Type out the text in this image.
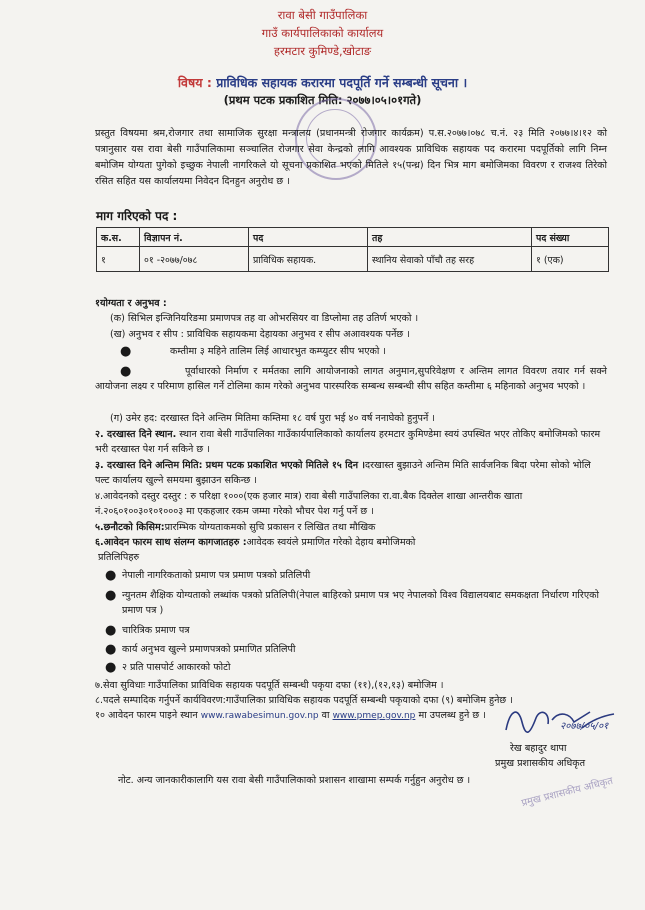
रावा बेसी गाउँपालिका
गाउँ कार्यपालिकाको कार्यालय
हरमटार कुमिण्डे,खोटाङ
विषय : प्राविधिक सहायक करारमा पदपूर्ति गर्ने सम्बन्धी सूचना ।
(प्रथम पटक प्रकाशित मिति: २०७७।०५।०१गते)
प्रस्तुत विषयमा श्रम,रोजगार तथा सामाजिक सुरक्षा मन्त्रालय (प्रधानमन्त्री रोजगार कार्यक्रम) प.स.२०७७।०७८ च.नं. २३ मिति २०७७।४।१२ को पत्रानुसार यस रावा बेसी गाउँपालिकामा सञ्चालित रोजगार सेवा केन्द्रको लागि आवश्यक प्राविधिक सहायक पद करारमा पदपूर्तिको लागि निम्न बमोजिम योग्यता पुगेको इच्छुक नेपाली नागरिकले यो सूचना प्रकाशित भएको मितिले १५(पन्ध्र) दिन भित्र माग बमोजिमका विवरण र राजश्व तिरेको रसित सहित यस कार्यालयमा निवेदन दिनहुन अनुरोध छ ।
माग गरिएको पद :
क.स.	विज्ञापन नं.	पद	तह	पद संख्या
१	०१ -२०७७/०७८	प्राविधिक सहायक.	स्थानिय सेवाको पाँचौ तह सरह	१ (एक)
१योग्यता र अनुभव :
(क) सिभिल इन्जिनियरिङमा प्रमाणपत्र तह वा ओभरसियर वा डिप्लोमा तह उतिर्ण भएको ।
(ख) अनुभव र सीप : प्राविधिक सहायकमा देहायका अनुभव र सीप अआवश्यक पर्नेछ ।
●	कम्तीमा ३ महिने तालिम लिई आधारभुत कम्प्युटर सीप भएको ।
●	पूर्वाधारको निर्माण र मर्मतका लागि आयोजनाको लागत अनुमान,सुपरिवेक्षण र अन्तिम लागत विवरण तयार गर्न सक्ने आयोजना लक्ष्य र परिमाण हासिल गर्ने टोलिमा काम गरेको अनुभव पारस्परिक सम्बन्ध सम्बन्धी सीप सहित कम्तीमा ६ महिनाको अनुभव भएको ।
(ग) उमेर हद: दरखास्त दिने अन्तिम मितिमा कम्तिमा १८ वर्ष पुरा भई ४० वर्ष ननाघेको हुनुपर्ने ।
२. दरखास्त दिने स्थान. स्थान रावा बेसी गाउँपालिका गाउँकार्यपालिकाको कार्यालय हरमटार कुमिण्डेमा स्वयं उपस्थित भएर तोकिए बमोजिमको फारम भरी दरखास्त पेश गर्न सकिने छ ।
३. दरखास्त दिने अन्तिम मिति: प्रथम पटक प्रकाशित भएको मितिले १५ दिन ।दरखास्त बुझाउने अन्तिम मिति सार्वजनिक बिदा परेमा सोको भोलि पल्ट कार्यालय खुल्ने समयमा बुझाउन सकिन्छ ।
४.आवेदनको दस्तुर दस्तुर : रु परिक्षा १०००(एक हजार मात्र) रावा बेसी गाउँपालिका रा.वा.बैक दिक्तेल शाखा आन्तरीक खाता नं.२०६०१००३०१०१०००३ मा एकहजार रकम जम्मा गरेको भौचर पेश गर्नु पर्ने छ ।
५.छनौटको किसिम:प्रारम्भिक योग्यताकमको सुचि प्रकासन र लिखित तथा मौखिक
६.आवेदन फारम साथ संलग्न कागजातहरु :आवेदक स्वयंले प्रमाणित गरेको देहाय बमोजिमको
प्रतिलिपिहरु
● नेपाली नागरिकताको प्रमाण पत्र प्रमाण पत्रको प्रतिलिपी
● न्युनतम शैक्षिक योग्यताको लब्धांक पत्रको प्रतिलिपी(नेपाल बाहिरको प्रमाण पत्र भए नेपालको विश्व विद्यालयबाट समकक्षता निर्धारण गरिएको प्रमाण पत्र )
● चारित्रिक प्रमाण पत्र
● कार्य अनुभव खुल्ने प्रमाणपत्रको प्रमाणित प्रतिलिपी
● २ प्रति पासपोर्ट आकारको फोटो
७.सेवा सुविधाः गाउँपालिका प्राविधिक सहायक पदपूर्ति सम्बन्धी पकृया दफा (११),(१२,१३) बमोजिम ।
८.पदले सम्पादिक गर्नुपर्ने कार्यविवरण:गाउँपालिका प्राविधिक सहायक पदपूर्ति सम्बन्धी पकृयाको दफा (९) बमोजिम हुनेछ ।
१० आवेदन फारम पाइने स्थान www.rawabesimun.gov.np वा www.pmep.gov.np मा उपलब्ध हुने छ ।
२०७७/०५/०१
रेख बहादुर थापा
प्रमुख प्रशासकीय अधिकृत
प्रमुख प्रशासकीय अधिकृत
नोट. अन्य जानकारीकालागि यस रावा बेसी गाउँपालिकाको प्रशासन शाखामा सम्पर्क गर्नुहुन अनुरोध छ ।
